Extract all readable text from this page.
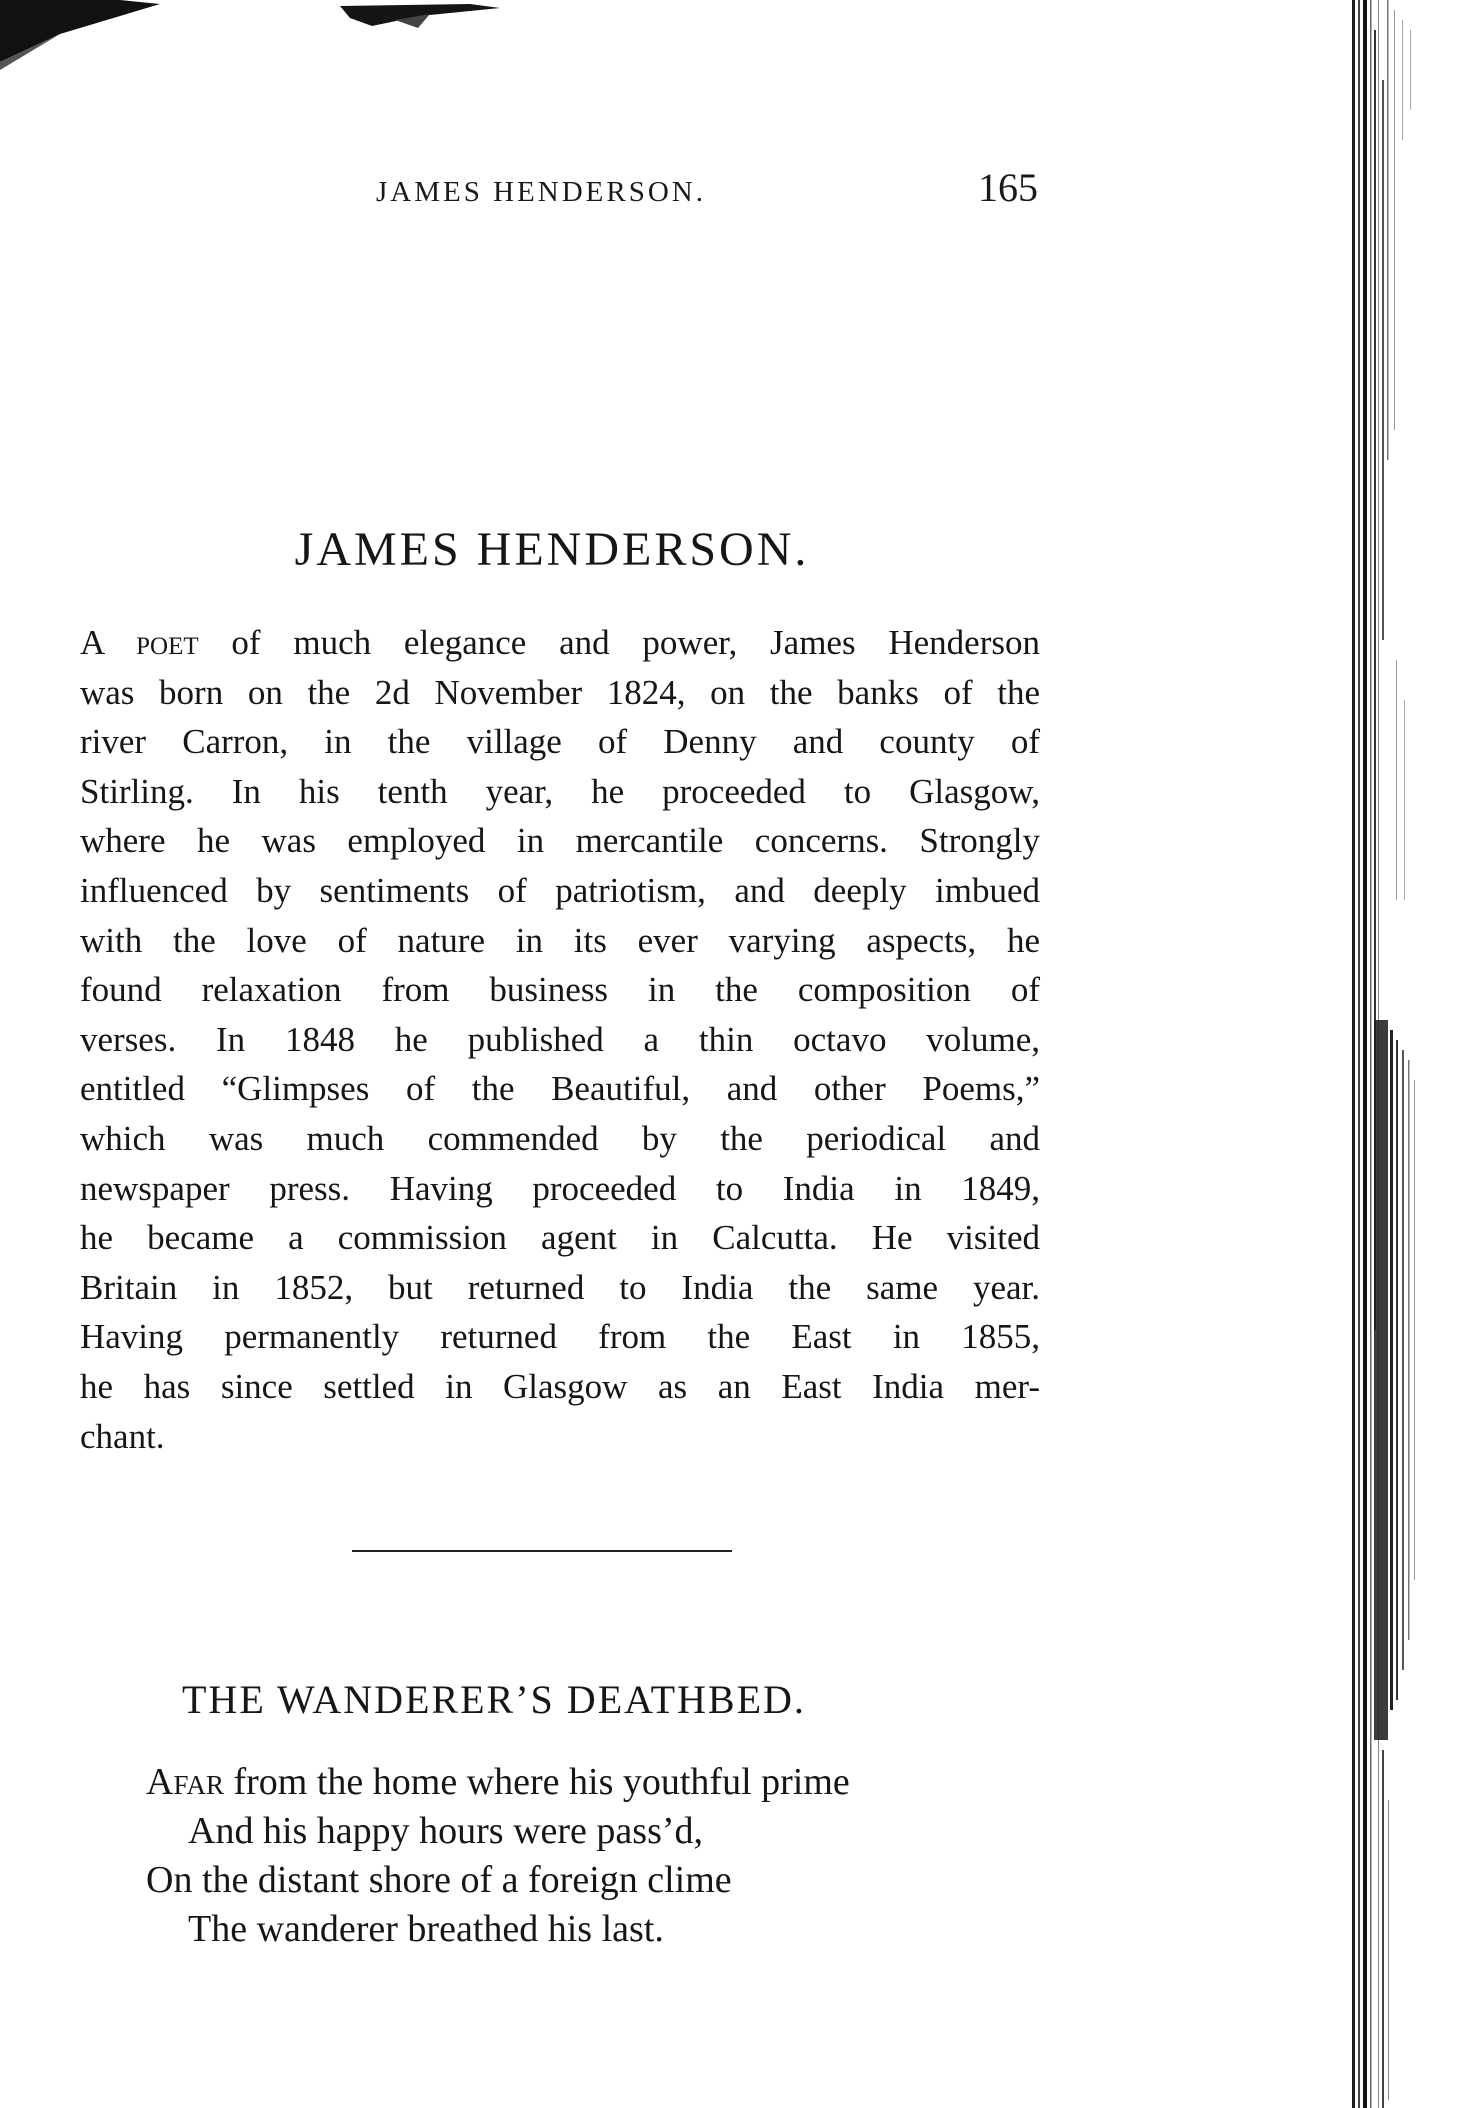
JAMES HENDERSON.	165
JAMES HENDERSON.
A poet of much elegance and power, James Henderson
was born on the 2d November 1824, on the banks of the
river Carron, in the village of Denny and county of
Stirling. In his tenth year, he proceeded to Glasgow,
where he was employed in mercantile concerns. Strongly
influenced by sentiments of patriotism, and deeply imbued
with the love of nature in its ever varying aspects, he
found relaxation from business in the composition of
verses. In 1848 he published a thin octavo volume,
entitled “Glimpses of the Beautiful, and other Poems,”
which was much commended by the periodical and
newspaper press. Having proceeded to India in 1849,
he became a commission agent in Calcutta. He visited
Britain in 1852, but returned to India the same year.
Having permanently returned from the East in 1855,
he has since settled in Glasgow as an East India mer-
chant.
THE WANDERER’S DEATHBED.
Afar from the home where his youthful prime
And his happy hours were pass’d,
On the distant shore of a foreign clime
The wanderer breathed his last.
